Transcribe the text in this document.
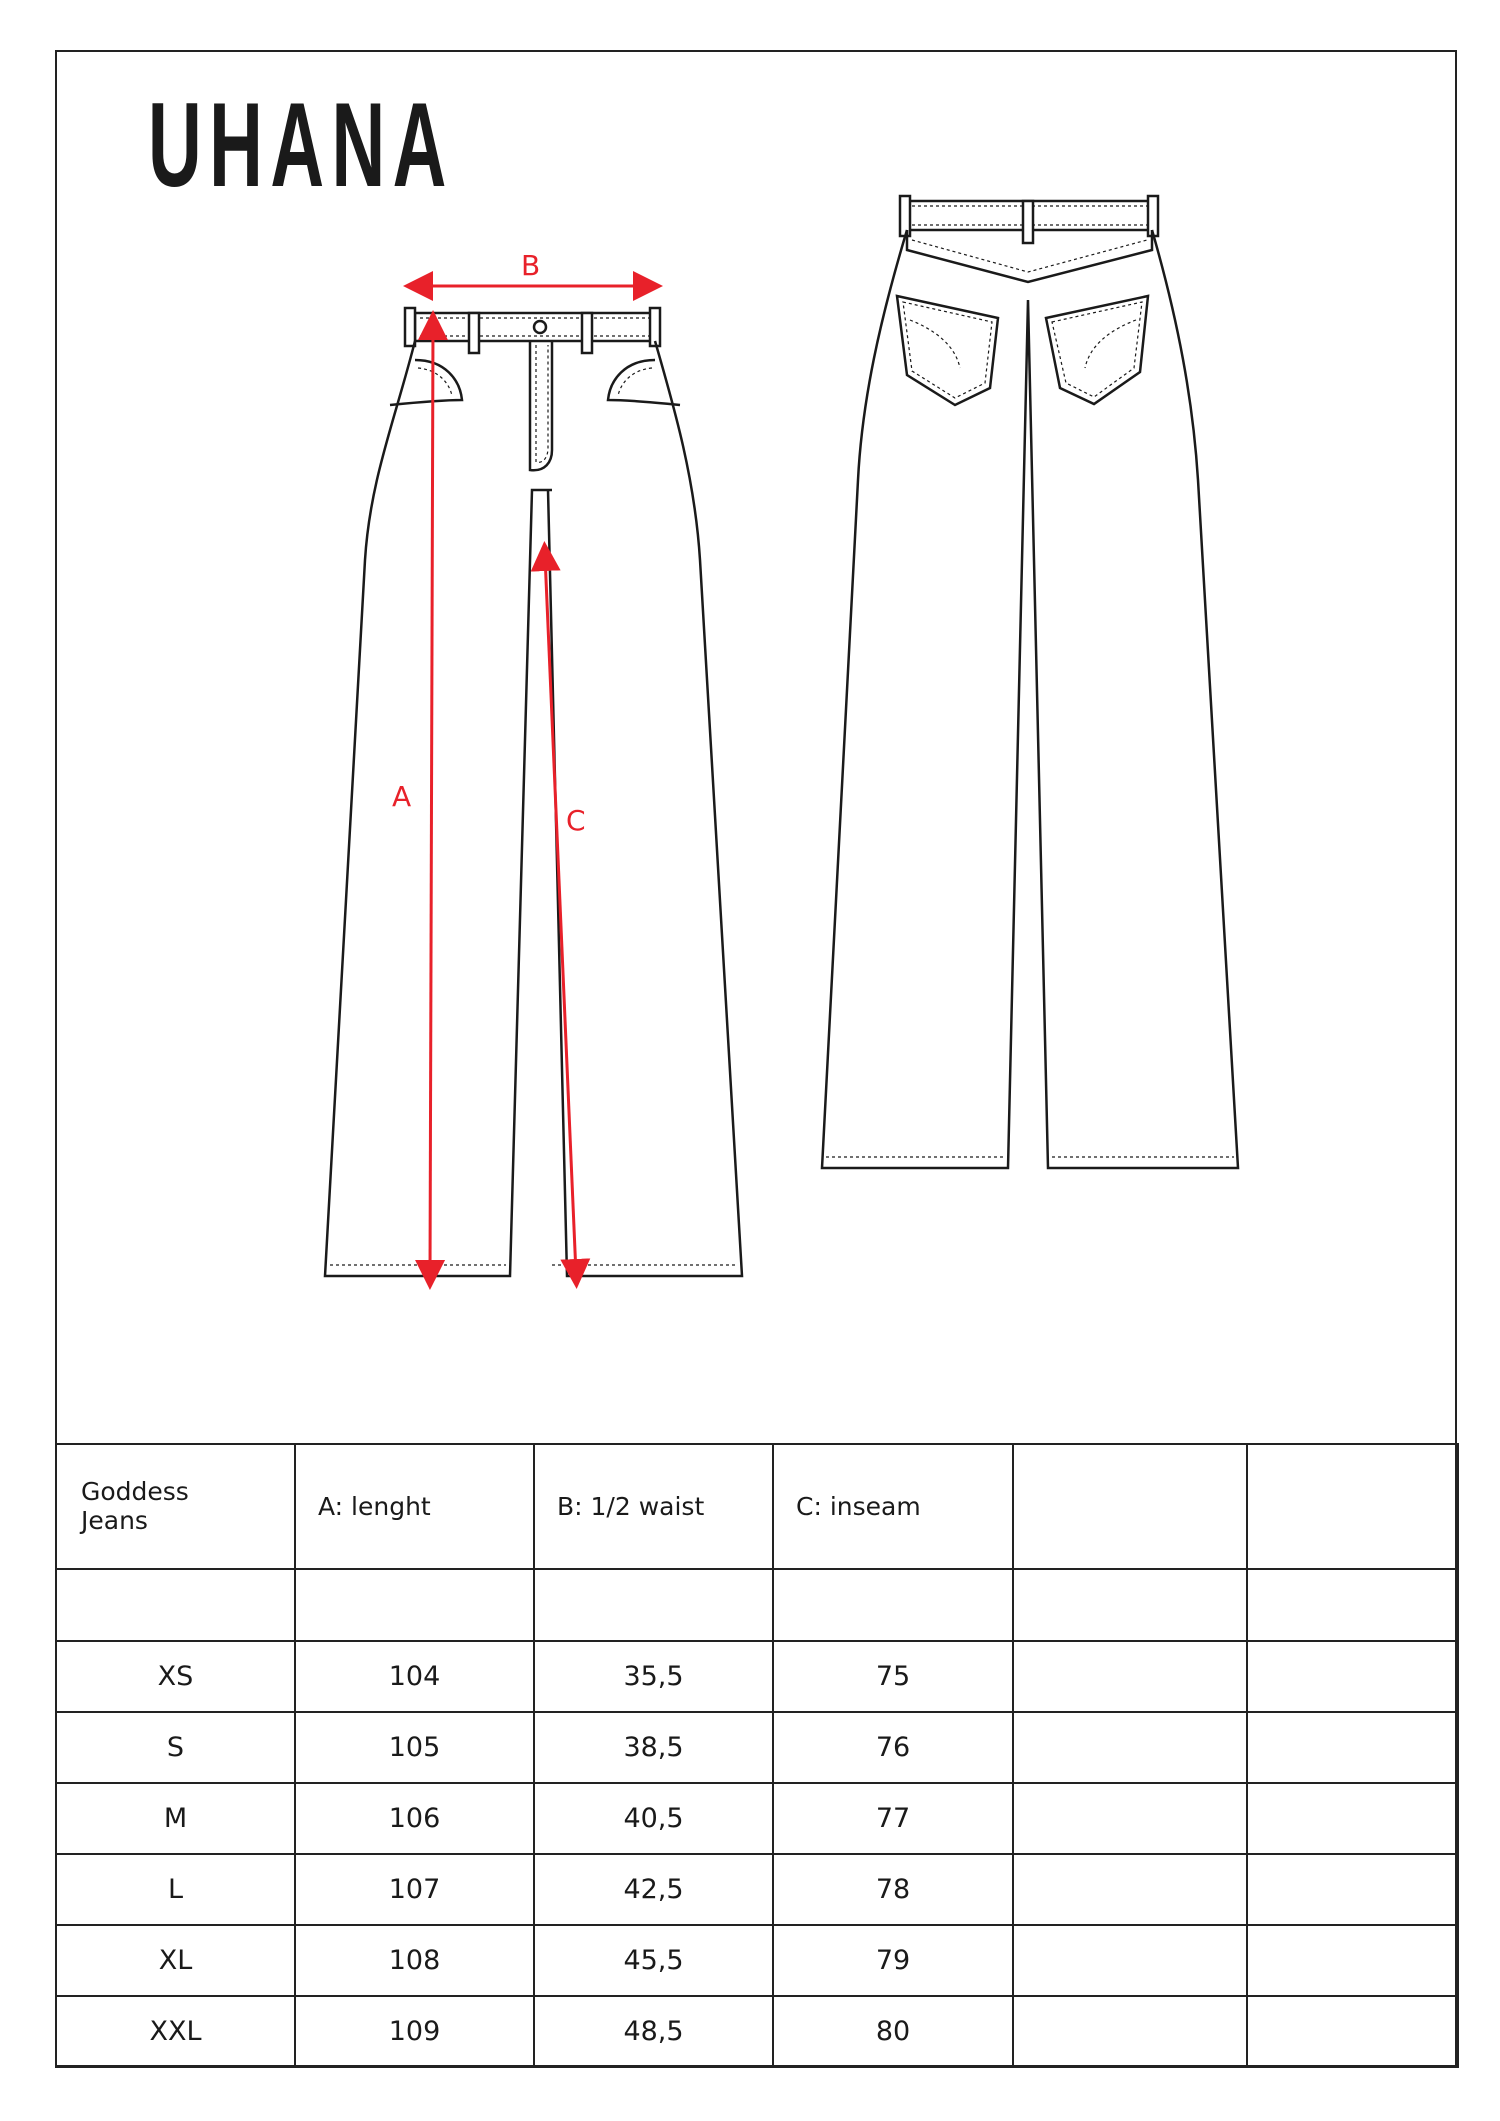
UHANA
B
A
C
Goddess Jeans	A: lenght	B: 1/2 waist	C: inseam		

XS	104	35,5	75		
S	105	38,5	76		
M	106	40,5	77		
L	107	42,5	78		
XL	108	45,5	79		
XXL	109	48,5	80		
